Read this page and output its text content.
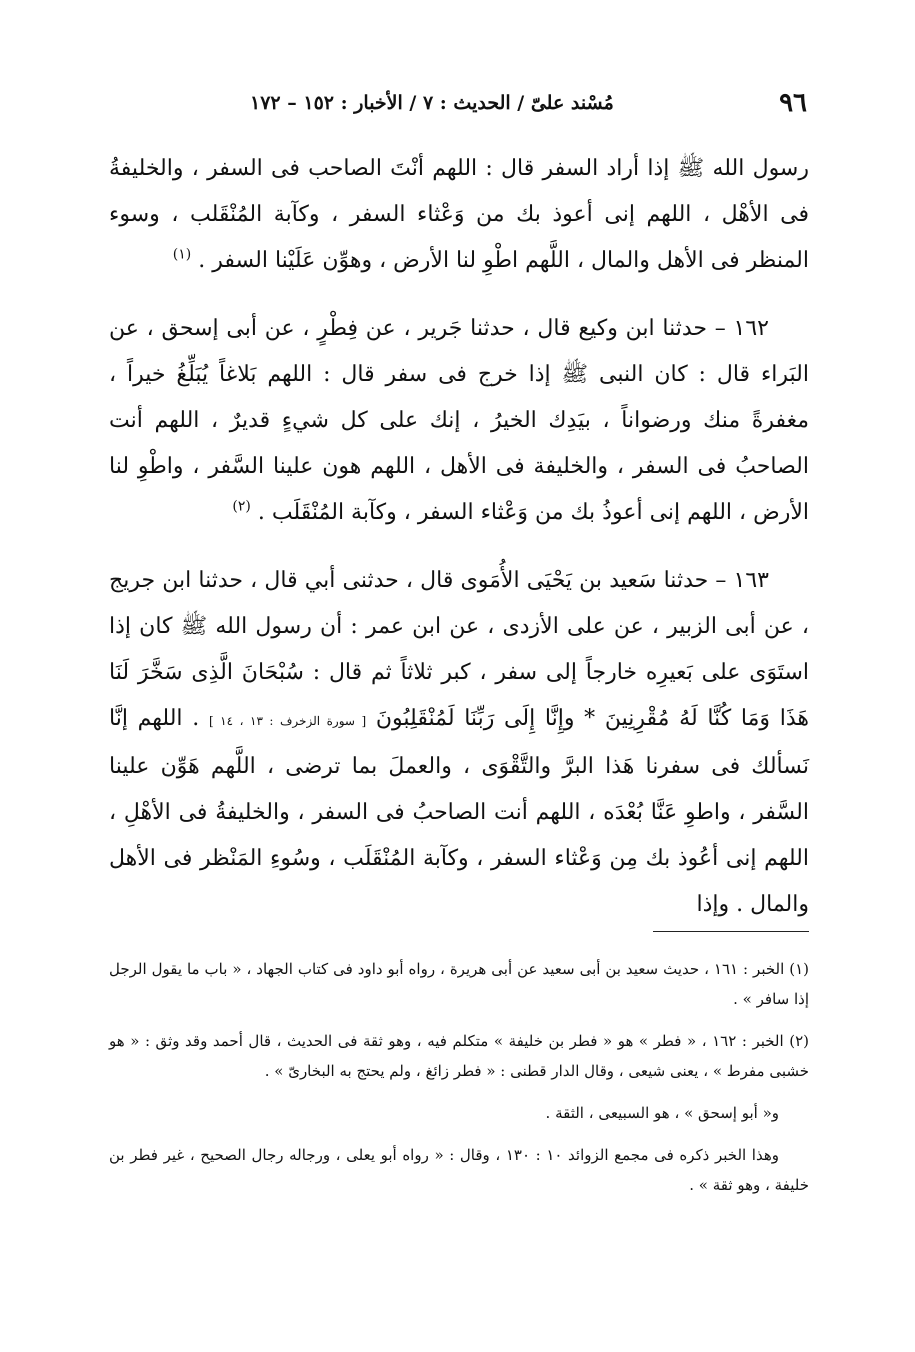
٩٦
مُسْند علىّ / الحديث : ٧ / الأخبار : ١٥٢ – ١٧٢

رسول الله ﷺ إذا أراد السفر قال : اللهم أنْتَ الصاحب فى السفر ، والخليفةُ فى الأهْل ، اللهم إنى أعوذ بك من وَعْثاء السفر ، وكآبة المُنْقَلب ، وسوء المنظر فى الأهل والمال ، اللَّهم اطْوِ لنا الأرض ، وهوِّن عَلَيْنا السفر . $^{(١)}$

١٦٢ – حدثنا ابن وكيع قال ، حدثنا جَرير ، عن فِطْرٍ ، عن أبى إسحق ، عن البَراء قال : كان النبى ﷺ إذا خرج فى سفر قال : اللهم بَلاغاً يُبَلِّغُ خيراً ، مغفرةً منك ورضواناً ، بيَدِك الخيرُ ، إنك على كل شيءٍ قديرٌ ، اللهم أنت الصاحبُ فى السفر ، والخليفة فى الأهل ، اللهم هون علينا السَّفر ، واطْوِ لنا الأرض ، اللهم إنى أعوذُ بك من وَعْثاء السفر ، وكآبة المُنْقَلَب . $^{(٢)}$

١٦٣ – حدثنا سَعيد بن يَحْيَى الأُمَوى قال ، حدثنى أبي قال ، حدثنا ابن جريج ، عن أبى الزبير ، عن على الأزدى ، عن ابن عمر : أن رسول الله ﷺ كان إذا استَوَى على بَعيرِه خارجاً إلى سفر ، كبر ثلاثاً ثم قال : سُبْحَانَ الَّذِى سَخَّرَ لَنَا هَذَا وَمَا كُنَّا لَهُ مُقْرِنِينَ * وإِنَّا إِلَى رَبِّنَا لَمُنْقَلِبُونَ [ سورة الزخرف : ١٣ ، ١٤ ] . اللهم إنَّا نَسألك فى سفرنا هَذا البرَّ والتَّقْوَى ، والعملَ بما ترضى ، اللَّهم هَوِّن علينا السَّفر ، واطوِ عَنَّا بُعْدَه ، اللهم أنت الصاحبُ فى السفر ، والخليفةُ فى الأهْلِ ، اللهم إنى أعُوذ بك مِن وَعْثاء السفر ، وكآبة المُنْقَلَب ، وسُوءِ المَنْظر فى الأهل والمال . وإذا

(١) الخبر : ١٦١ ، حديث سعيد بن أبى سعيد عن أبى هريرة ، رواه أبو داود فى كتاب الجهاد ، « باب ما يقول الرجل إذا سافر » .

(٢) الخبر : ١٦٢ ، « فطر » هو « فطر بن خليفة » متكلم فيه ، وهو ثقة فى الحديث ، قال أحمد وقد وثق : « هو خشبى مفرط » ، يعنى شيعى ، وقال الدار قطنى : « فطر زائغ ، ولم يحتج به البخارىّ » .

و« أبو إسحق » ، هو السبيعى ، الثقة .

وهذا الخبر ذكره فى مجمع الزوائد ١٠ : ١٣٠ ، وقال : « رواه أبو يعلى ، ورجاله رجال الصحيح ، غير فطر بن خليفة ، وهو ثقة » .
